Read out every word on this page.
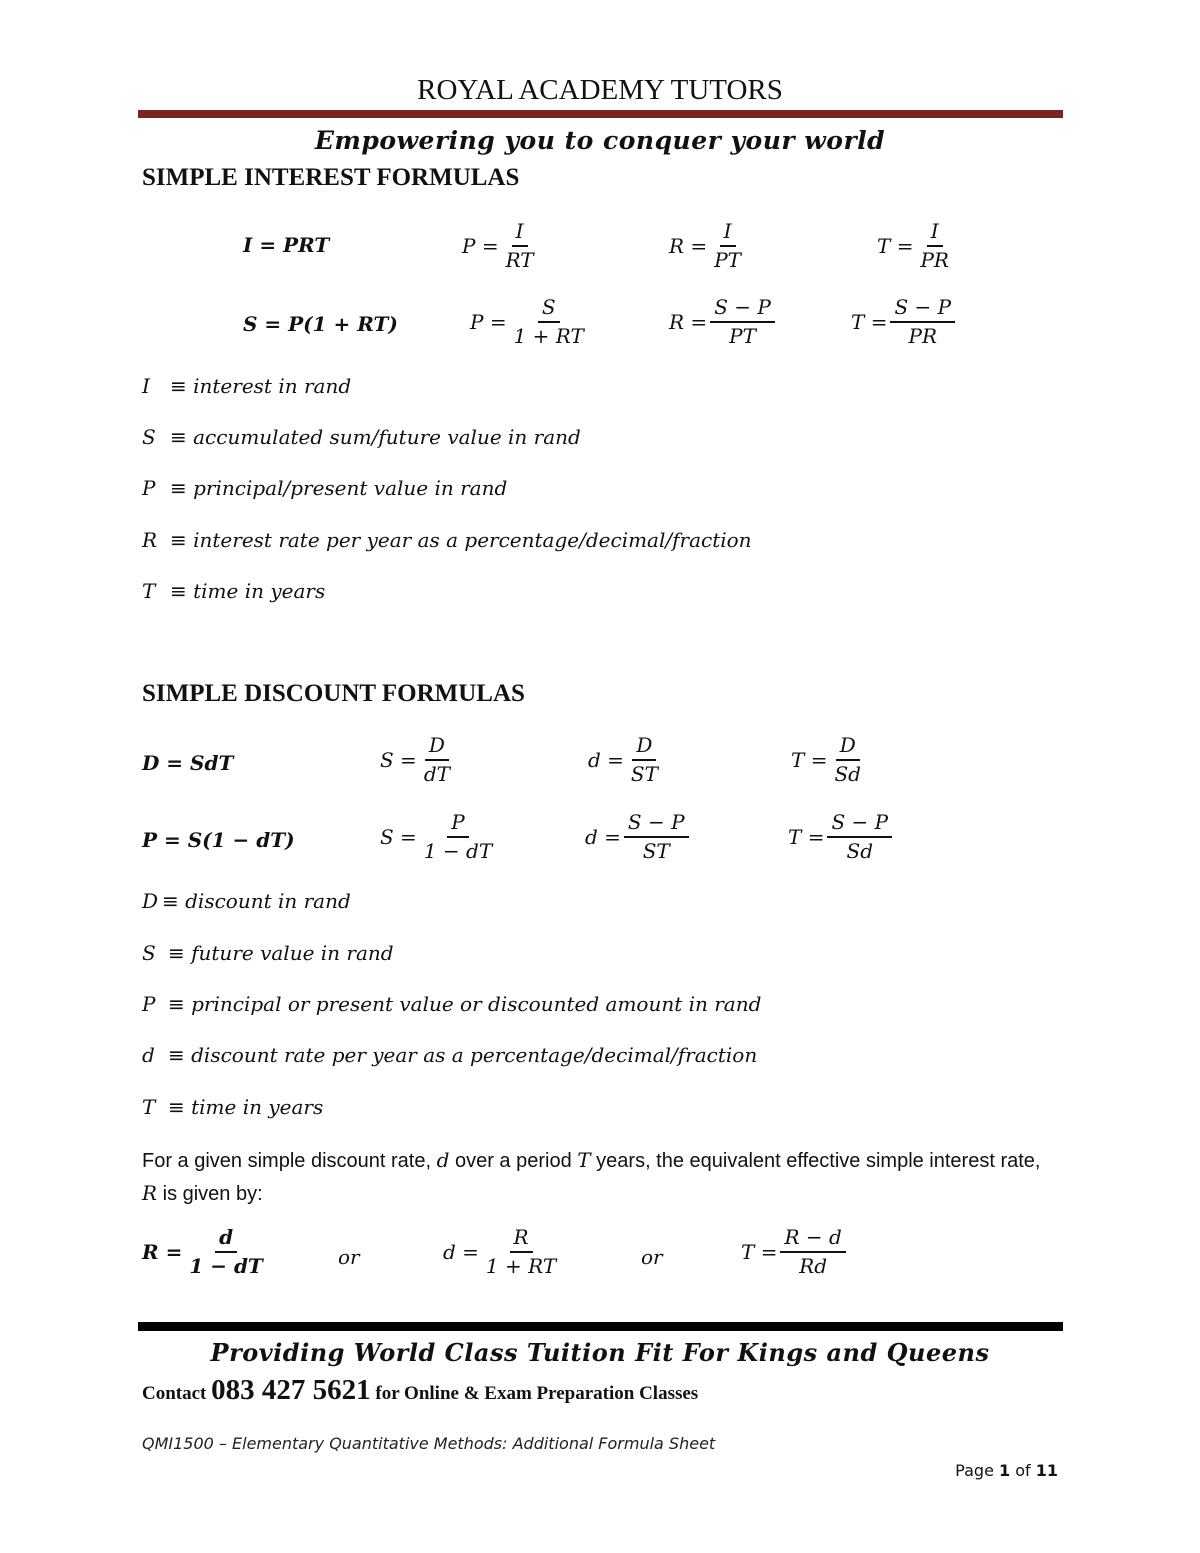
ROYAL ACADEMY TUTORS
Empowering you to conquer your world
SIMPLE INTEREST FORMULAS
I = PRT	$P = \frac{I}{RT}$	$R = \frac{I}{PT}$	$T = \frac{I}{PR}$
S = P(1 + RT)	$P = \frac{S}{1 + RT}$	$R = \frac{S - P}{PT}$	$T = \frac{S - P}{PR}$
I ≡ interest in rand
S ≡ accumulated sum/future value in rand
P ≡ principal/present value in rand
R ≡ interest rate per year as a percentage/decimal/fraction
T ≡ time in years
SIMPLE DISCOUNT FORMULAS
D = SdT	$S = \frac{D}{dT}$	$d = \frac{D}{ST}$	$T = \frac{D}{Sd}$
P = S(1 − dT)	$S = \frac{P}{1 - dT}$	$d = \frac{S - P}{ST}$	$T = \frac{S - P}{Sd}$
D ≡ discount in rand
S ≡ future value in rand
P ≡ principal or present value or discounted amount in rand
d ≡ discount rate per year as a percentage/decimal/fraction
T ≡ time in years
For a given simple discount rate, d over a period T years, the equivalent effective simple interest rate, R is given by:
$R = \frac{d}{1 - dT}$	or	$d = \frac{R}{1 + RT}$	or	$T = \frac{R - d}{Rd}$
Providing World Class Tuition Fit For Kings and Queens
Contact 083 427 5621 for Online & Exam Preparation Classes
QMI1500 – Elementary Quantitative Methods: Additional Formula Sheet
Page 1 of 11
